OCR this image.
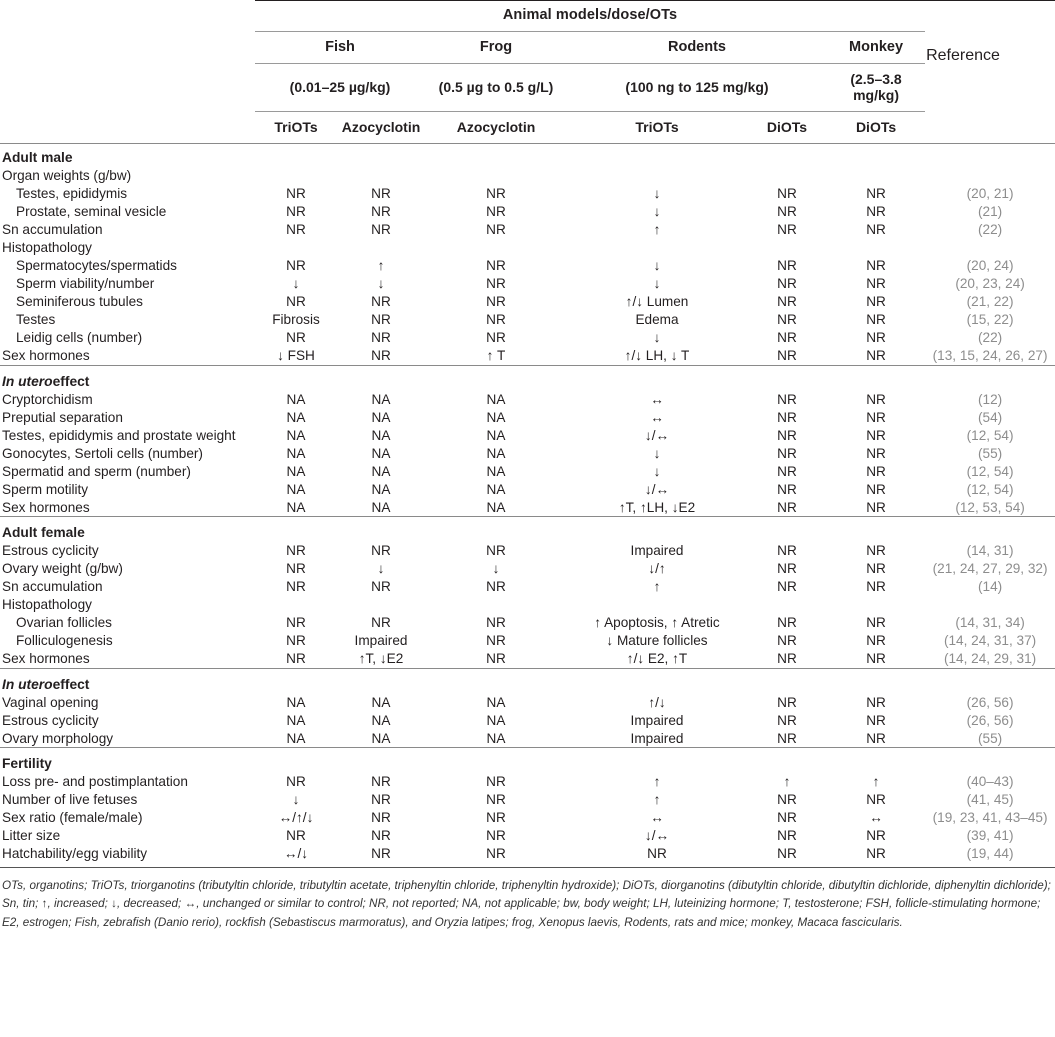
	Animal models/dose/OTs						Reference
	Fish		Frog	Rodents		Monkey	
	(0.01–25 µg/kg)		(0.5 µg to 0.5 g/L)	(100 ng to 125 mg/kg)		(2.5–3.8 mg/kg)	
	TriOTs	Azocyclotin	Azocyclotin	TriOTs	DiOTs	DiOTs	

Adult male							
Organ weights (g/bw)							
Testes, epididymis	NR	NR	NR	↓	NR	NR	(20, 21)
Prostate, seminal vesicle	NR	NR	NR	↓	NR	NR	(21)
Sn accumulation	NR	NR	NR	↑	NR	NR	(22)
Histopathology							
Spermatocytes/spermatids	NR	↑	NR	↓	NR	NR	(20, 24)
Sperm viability/number	↓	↓	NR	↓	NR	NR	(20, 23, 24)
Seminiferous tubules	NR	NR	NR	↑/↓ Lumen	NR	NR	(21, 22)
Testes	Fibrosis	NR	NR	Edema	NR	NR	(15, 22)
Leidig cells (number)	NR	NR	NR	↓	NR	NR	(22)
Sex hormones	↓ FSH	NR	↑ T	↑/↓ LH, ↓ T	NR	NR	(13, 15, 24, 26, 27)

In uteroeffect							
Cryptorchidism	NA	NA	NA	↔	NR	NR	(12)
Preputial separation	NA	NA	NA	↔	NR	NR	(54)
Testes, epididymis and prostate weight	NA	NA	NA	↓/↔	NR	NR	(12, 54)
Gonocytes, Sertoli cells (number)	NA	NA	NA	↓	NR	NR	(55)
Spermatid and sperm (number)	NA	NA	NA	↓	NR	NR	(12, 54)
Sperm motility	NA	NA	NA	↓/↔	NR	NR	(12, 54)
Sex hormones	NA	NA	NA	↑T, ↑LH, ↓E2	NR	NR	(12, 53, 54)

Adult female							
Estrous cyclicity	NR	NR	NR	Impaired	NR	NR	(14, 31)
Ovary weight (g/bw)	NR	↓	↓	↓/↑	NR	NR	(21, 24, 27, 29, 32)
Sn accumulation	NR	NR	NR	↑	NR	NR	(14)
Histopathology							
Ovarian follicles	NR	NR	NR	↑ Apoptosis, ↑ Atretic	NR	NR	(14, 31, 34)
Folliculogenesis	NR	Impaired	NR	↓ Mature follicles	NR	NR	(14, 24, 31, 37)
Sex hormones	NR	↑T, ↓E2	NR	↑/↓ E2, ↑T	NR	NR	(14, 24, 29, 31)

In uteroeffect							
Vaginal opening	NA	NA	NA	↑/↓	NR	NR	(26, 56)
Estrous cyclicity	NA	NA	NA	Impaired	NR	NR	(26, 56)
Ovary morphology	NA	NA	NA	Impaired	NR	NR	(55)

Fertility							
Loss pre- and postimplantation	NR	NR	NR	↑	↑	↑	(40–43)
Number of live fetuses	↓	NR	NR	↑	NR	NR	(41, 45)
Sex ratio (female/male)	↔/↑/↓	NR	NR	↔	NR	↔	(19, 23, 41, 43–45)
Litter size	NR	NR	NR	↓/↔	NR	NR	(39, 41)
Hatchability/egg viability	↔/↓	NR	NR	NR	NR	NR	(19, 44)
OTs, organotins; TriOTs, triorganotins (tributyltin chloride, tributyltin acetate, triphenyltin chloride, triphenyltin hydroxide); DiOTs, diorganotins (dibutyltin chloride, dibutyltin dichloride, diphenyltin dichloride); Sn, tin; ↑, increased; ↓, decreased; ↔, unchanged or similar to control; NR, not reported; NA, not applicable; bw, body weight; LH, luteinizing hormone; T, testosterone; FSH, follicle-stimulating hormone; E2, estrogen; Fish, zebrafish (Danio rerio), rockfish (Sebastiscus marmoratus), and Oryzia latipes; frog, Xenopus laevis, Rodents, rats and mice; monkey, Macaca fascicularis.
